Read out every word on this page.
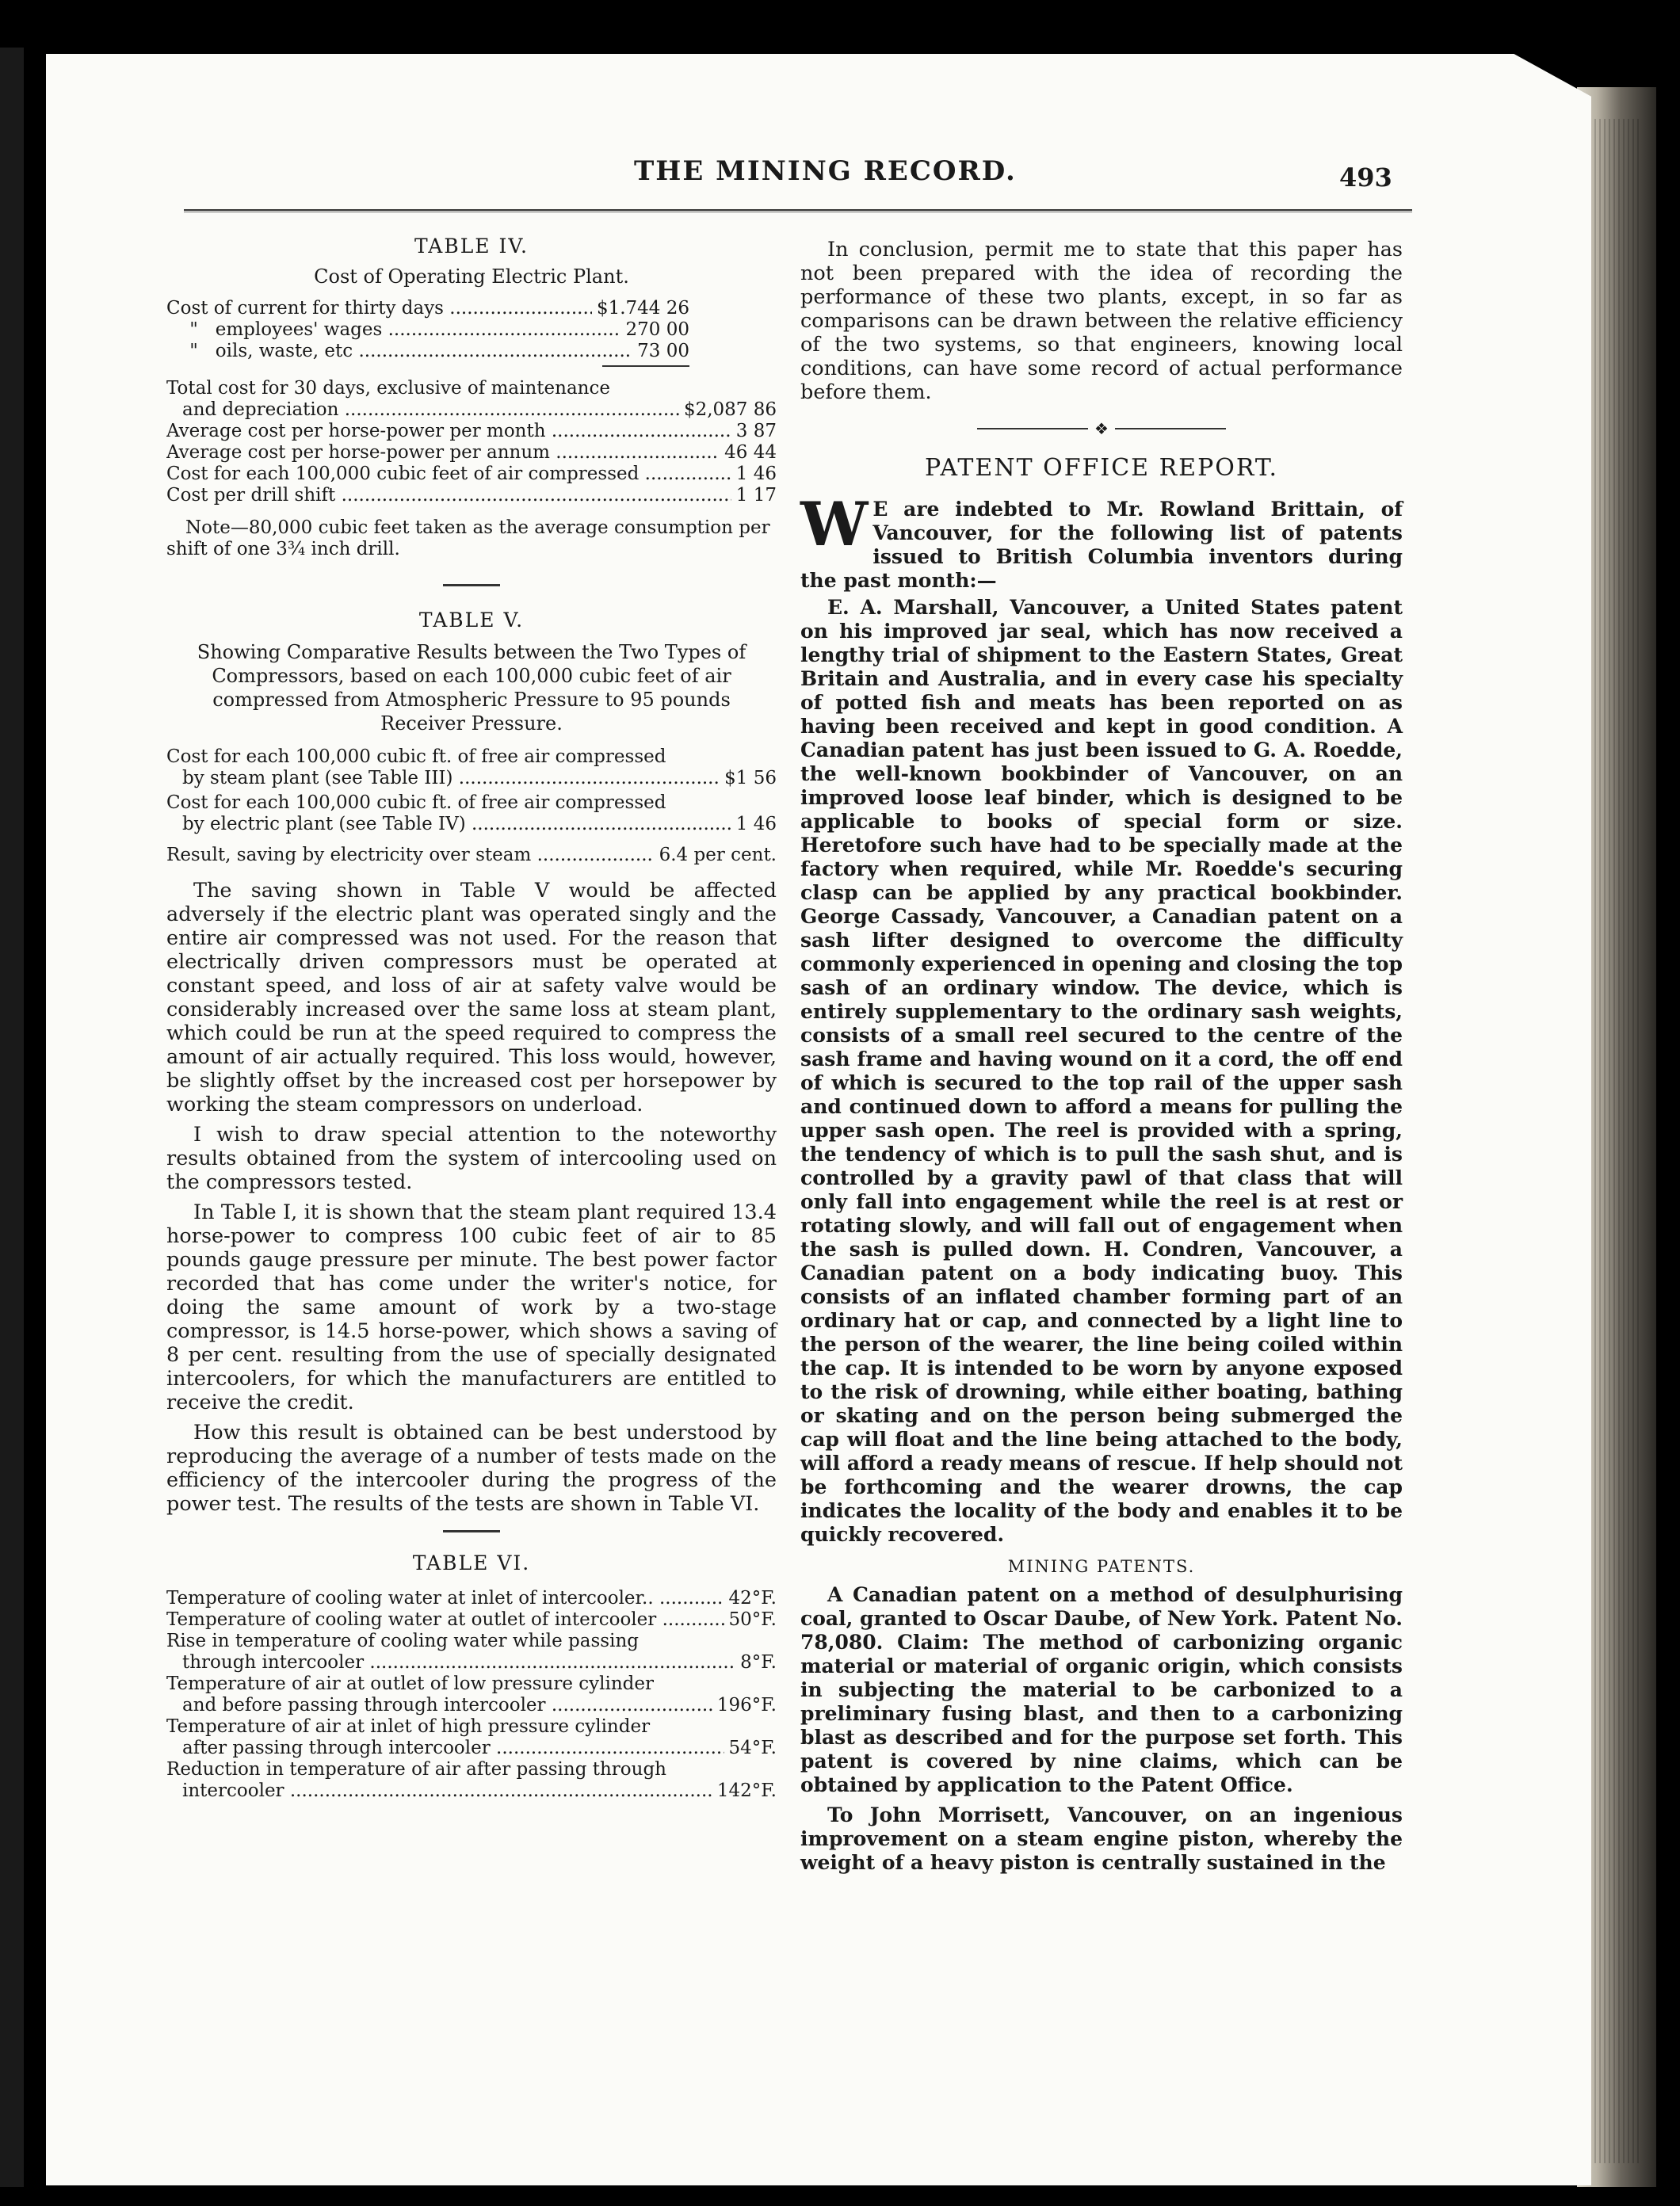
THE MINING RECORD.	493
TABLE IV.
Cost of Operating Electric Plant.
Cost of current for thirty days .....	$1.744 26
"   employees' wages .....	270 00
"   oils, waste, etc .....	73 00
Total cost for 30 days, exclusive of maintenance
and depreciation .....	$2,087 86
Average cost per horse-power per month .....	3 87
Average cost per horse-power per annum .....	46 44
Cost for each 100,000 cubic feet of air compressed .....	1 46
Cost per drill shift .....	1 17
Note—80,000 cubic feet taken as the average consumption per shift of one 3¾ inch drill.
TABLE V.
Showing Comparative Results between the Two Types of Compressors, based on each 100,000 cubic feet of air compressed from Atmospheric Pressure to 95 pounds Receiver Pressure.
Cost for each 100,000 cubic ft. of free air compressed
by steam plant (see Table III) .....	$1 56
Cost for each 100,000 cubic ft. of free air compressed
by electric plant (see Table IV) .....	1 46
Result, saving by electricity over steam .....	6.4 per cent.

The saving shown in Table V would be affected adversely if the electric plant was operated singly and the entire air compressed was not used. For the reason that electrically driven compressors must be operated at constant speed, and loss of air at safety valve would be considerably increased over the same loss at steam plant, which could be run at the speed required to compress the amount of air actually required. This loss would, however, be slightly offset by the increased cost per horsepower by working the steam compressors on underload.

I wish to draw special attention to the noteworthy results obtained from the system of intercooling used on the compressors tested.

In Table I, it is shown that the steam plant required 13.4 horse-power to compress 100 cubic feet of air to 85 pounds gauge pressure per minute. The best power factor recorded that has come under the writer's notice, for doing the same amount of work by a two-stage compressor, is 14.5 horse-power, which shows a saving of 8 per cent. resulting from the use of specially designated intercoolers, for which the manufacturers are entitled to receive the credit.

How this result is obtained can be best understood by reproducing the average of a number of tests made on the efficiency of the intercooler during the progress of the power test. The results of the tests are shown in Table VI.

TABLE VI.
Temperature of cooling water at inlet of intercooler.. .....	42°F.
Temperature of cooling water at outlet of intercooler .....	50°F.
Rise in temperature of cooling water while passing
through intercooler .....	8°F.
Temperature of air at outlet of low pressure cylinder
and before passing through intercooler .....	196°F.
Temperature of air at inlet of high pressure cylinder
after passing through intercooler .....	54°F.
Reduction in temperature of air after passing through
intercooler .....	142°F.

In conclusion, permit me to state that this paper has not been prepared with the idea of recording the performance of these two plants, except, in so far as comparisons can be drawn between the relative efficiency of the two systems, so that engineers, knowing local conditions, can have some record of actual performance before them.

❖
PATENT OFFICE REPORT.
W E are indebted to Mr. Rowland Brittain, of Vancouver, for the following list of patents issued to British Columbia inventors during the past month:—

E. A. Marshall, Vancouver, a United States patent on his improved jar seal, which has now received a lengthy trial of shipment to the Eastern States, Great Britain and Australia, and in every case his specialty of potted fish and meats has been reported on as having been received and kept in good condition. A Canadian patent has just been issued to G. A. Roedde, the well-known bookbinder of Vancouver, on an improved loose leaf binder, which is designed to be applicable to books of special form or size. Heretofore such have had to be specially made at the factory when required, while Mr. Roedde's securing clasp can be applied by any practical bookbinder. George Cassady, Vancouver, a Canadian patent on a sash lifter designed to overcome the difficulty commonly experienced in opening and closing the top sash of an ordinary window. The device, which is entirely supplementary to the ordinary sash weights, consists of a small reel secured to the centre of the sash frame and having wound on it a cord, the off end of which is secured to the top rail of the upper sash and continued down to afford a means for pulling the upper sash open. The reel is provided with a spring, the tendency of which is to pull the sash shut, and is controlled by a gravity pawl of that class that will only fall into engagement while the reel is at rest or rotating slowly, and will fall out of engagement when the sash is pulled down. H. Condren, Vancouver, a Canadian patent on a body indicating buoy. This consists of an inflated chamber forming part of an ordinary hat or cap, and connected by a light line to the person of the wearer, the line being coiled within the cap. It is intended to be worn by anyone exposed to the risk of drowning, while either boating, bathing or skating and on the person being submerged the cap will float and the line being attached to the body, will afford a ready means of rescue. If help should not be forthcoming and the wearer drowns, the cap indicates the locality of the body and enables it to be quickly recovered.

MINING PATENTS.

A Canadian patent on a method of desulphurising coal, granted to Oscar Daube, of New York. Patent No. 78,080. Claim: The method of carbonizing organic material or material of organic origin, which consists in subjecting the material to be carbonized to a preliminary fusing blast, and then to a carbonizing blast as described and for the purpose set forth. This patent is covered by nine claims, which can be obtained by application to the Patent Office.

To John Morrisett, Vancouver, on an ingenious improvement on a steam engine piston, whereby the weight of a heavy piston is centrally sustained in the
